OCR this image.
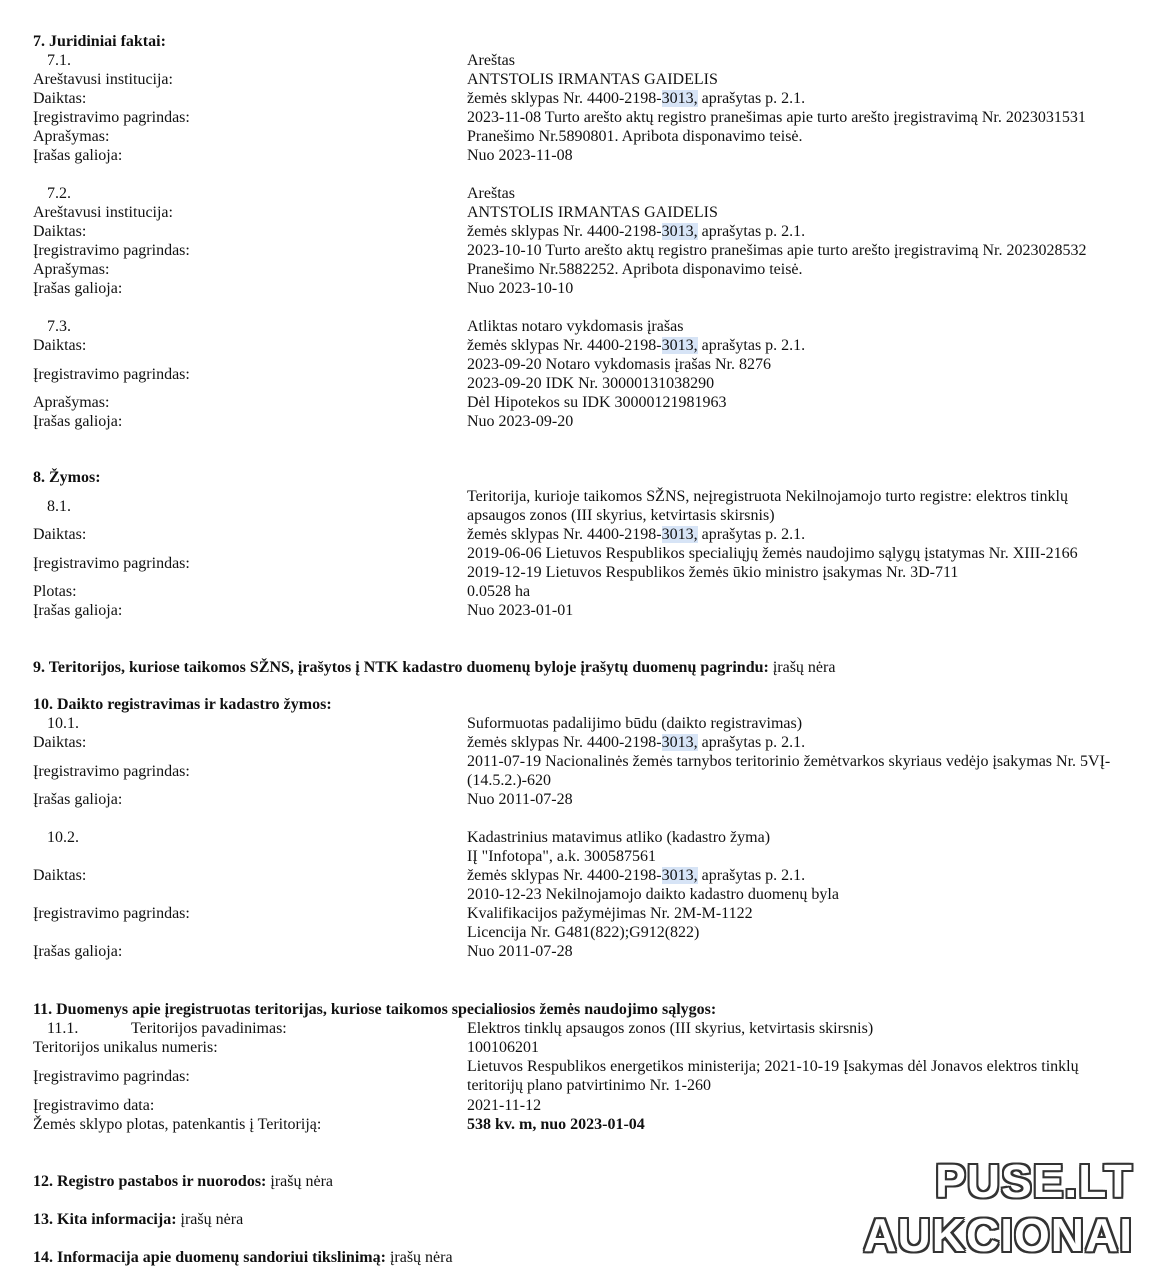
7. Juridiniai faktai:
7.1.	Areštas
Areštavusi institucija:	ANTSTOLIS IRMANTAS GAIDELIS
Daiktas:	žemės sklypas Nr. 4400-2198-3013, aprašytas p. 2.1.
Įregistravimo pagrindas:	2023-11-08 Turto arešto aktų registro pranešimas apie turto arešto įregistravimą Nr. 2023031531
Aprašymas:	Pranešimo Nr.5890801. Apribota disponavimo teisė.
Įrašas galioja:	Nuo 2023-11-08
7.2.	Areštas
Areštavusi institucija:	ANTSTOLIS IRMANTAS GAIDELIS
Daiktas:	žemės sklypas Nr. 4400-2198-3013, aprašytas p. 2.1.
Įregistravimo pagrindas:	2023-10-10 Turto arešto aktų registro pranešimas apie turto arešto įregistravimą Nr. 2023028532
Aprašymas:	Pranešimo Nr.5882252. Apribota disponavimo teisė.
Įrašas galioja:	Nuo 2023-10-10
7.3.	Atliktas notaro vykdomasis įrašas
Daiktas:	žemės sklypas Nr. 4400-2198-3013, aprašytas p. 2.1.
Įregistravimo pagrindas:
2023-09-20 Notaro vykdomasis įrašas Nr. 8276
2023-09-20 IDK Nr. 30000131038290
Aprašymas:	Dėl Hipotekos su IDK 30000121981963
Įrašas galioja:	Nuo 2023-09-20
8. Žymos:
8.1.
Teritorija, kurioje taikomos SŽNS, neįregistruota Nekilnojamojo turto registre: elektros tinklų apsaugos zonos (III skyrius, ketvirtasis skirsnis)
Daiktas:	žemės sklypas Nr. 4400-2198-3013, aprašytas p. 2.1.
Įregistravimo pagrindas:
2019-06-06 Lietuvos Respublikos specialiųjų žemės naudojimo sąlygų įstatymas Nr. XIII-2166
2019-12-19 Lietuvos Respublikos žemės ūkio ministro įsakymas Nr. 3D-711
Plotas:	0.0528 ha
Įrašas galioja:	Nuo 2023-01-01
9. Teritorijos, kuriose taikomos SŽNS, įrašytos į NTK kadastro duomenų byloje įrašytų duomenų pagrindu: įrašų nėra
10. Daikto registravimas ir kadastro žymos:
10.1.	Suformuotas padalijimo būdu (daikto registravimas)
Daiktas:	žemės sklypas Nr. 4400-2198-3013, aprašytas p. 2.1.
Įregistravimo pagrindas:
2011-07-19 Nacionalinės žemės tarnybos teritorinio žemėtvarkos skyriaus vedėjo įsakymas Nr. 5VĮ-(14.5.2.)-620
Įrašas galioja:	Nuo 2011-07-28
10.2.	Kadastrinius matavimus atliko (kadastro žyma)
IĮ "Infotopa", a.k. 300587561
Daiktas:	žemės sklypas Nr. 4400-2198-3013, aprašytas p. 2.1.
Įregistravimo pagrindas:
2010-12-23 Nekilnojamojo daikto kadastro duomenų byla
Kvalifikacijos pažymėjimas Nr. 2M-M-1122
Licencija Nr. G481(822);G912(822)
Įrašas galioja:	Nuo 2011-07-28
11. Duomenys apie įregistruotas teritorijas, kuriose taikomos specialiosios žemės naudojimo sąlygos:
11.1.	Teritorijos pavadinimas:	Elektros tinklų apsaugos zonos (III skyrius, ketvirtasis skirsnis)
Teritorijos unikalus numeris:	100106201
Įregistravimo pagrindas:
Lietuvos Respublikos energetikos ministerija; 2021-10-19 Įsakymas dėl Jonavos elektros tinklų teritorijų plano patvirtinimo Nr. 1-260
Įregistravimo data:	2021-11-12
Žemės sklypo plotas, patenkantis į Teritoriją:	538 kv. m, nuo 2023-01-04
12. Registro pastabos ir nuorodos: įrašų nėra
13. Kita informacija: įrašų nėra
14. Informacija apie duomenų sandoriui tikslinimą: įrašų nėra
PUSE.LT
AUKCIONAI
